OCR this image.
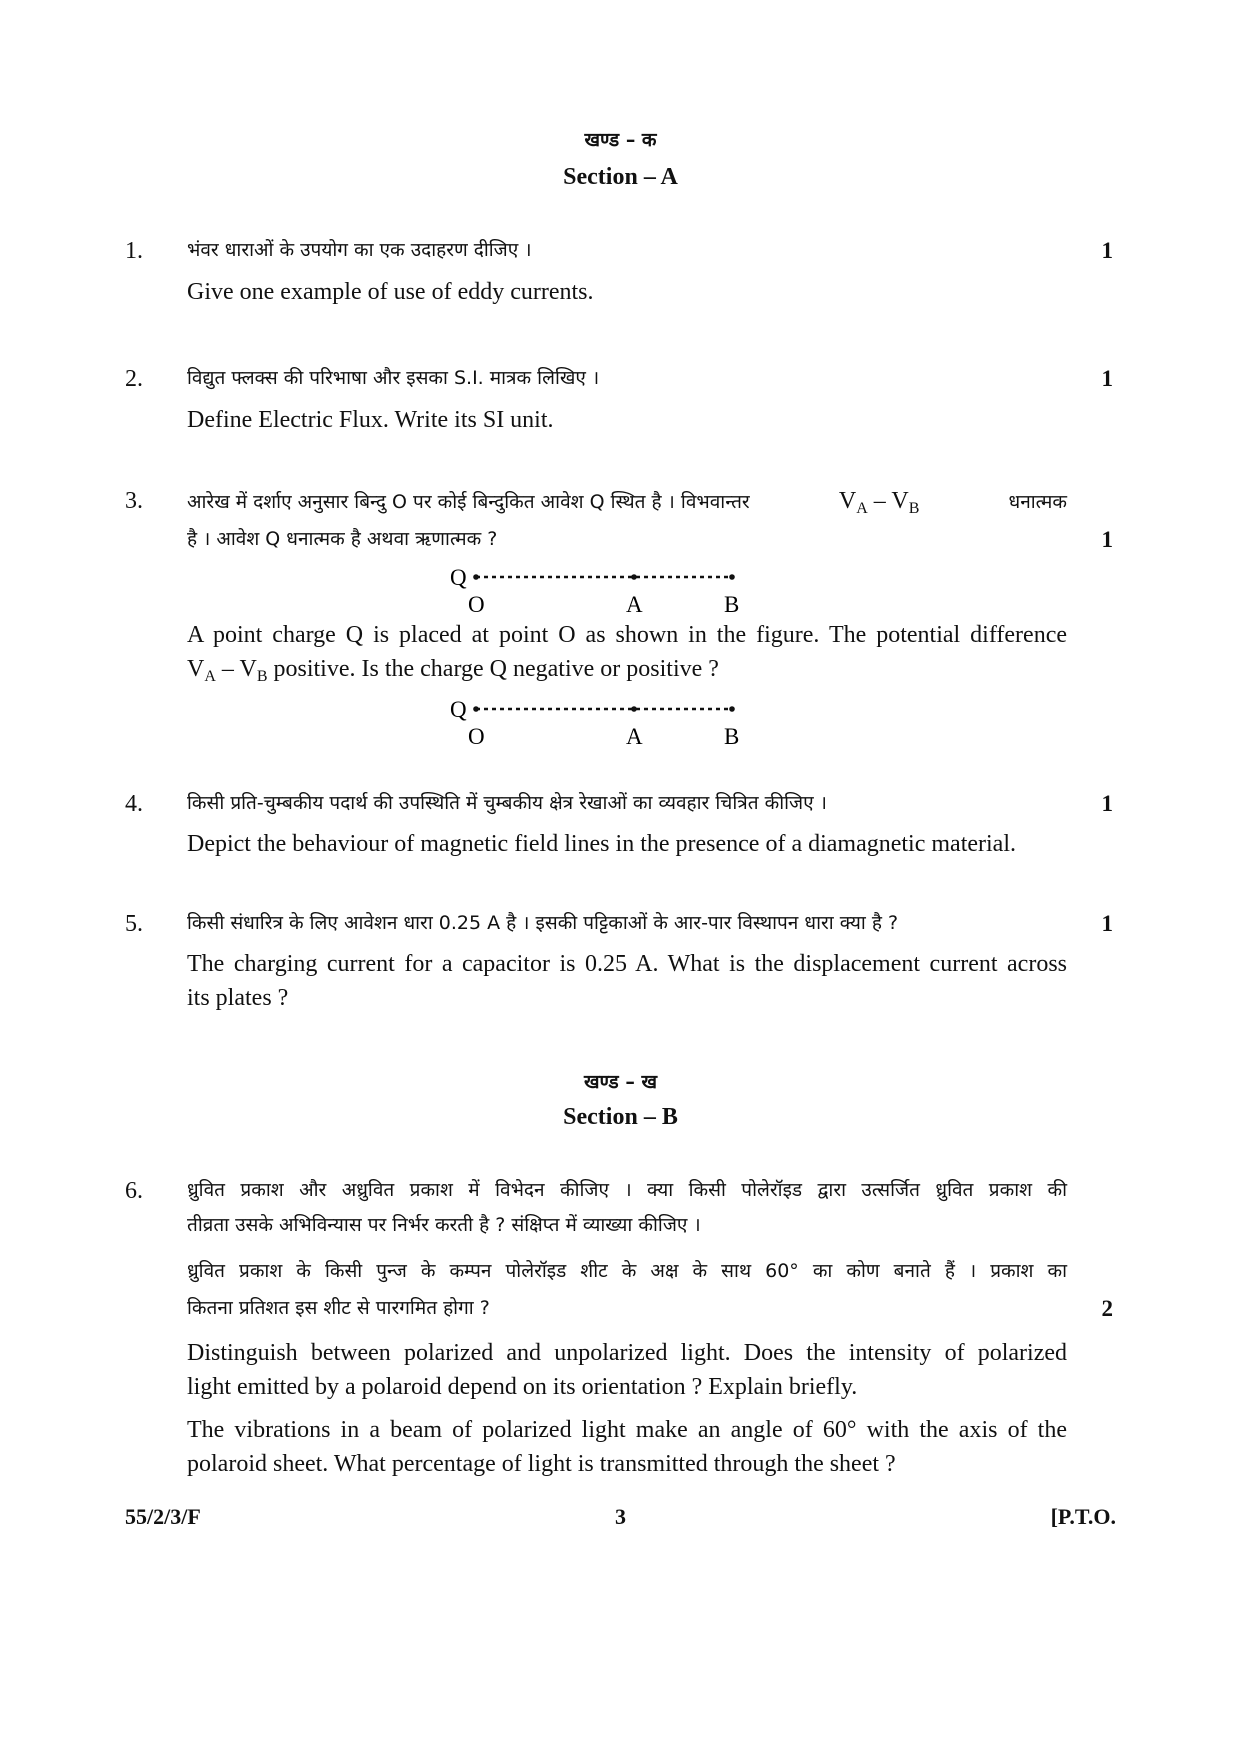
खण्ड – क
Section – A
1.	भंवर धाराओं के उपयोग का एक उदाहरण दीजिए ।	1
Give one example of use of eddy currents.
2.	विद्युत फ्लक्स की परिभाषा और इसका S.I. मात्रक लिखिए ।	1
Define Electric Flux. Write its SI unit.
3.	आरेख में दर्शाए अनुसार बिन्दु O पर कोई बिन्दुकित आवेश Q स्थित है । विभवान्तर	$V_A - V_B$	धनात्मक
है । आवेश Q धनात्मक है अथवा ऋणात्मक ?	1
Q
O	A	B
A point charge Q is placed at point O as shown in the figure. The potential difference
$V_A - V_B$ positive. Is the charge Q negative or positive ?
Q
O	A	B
4.	किसी प्रति-चुम्बकीय पदार्थ की उपस्थिति में चुम्बकीय क्षेत्र रेखाओं का व्यवहार चित्रित कीजिए ।	1
Depict the behaviour of magnetic field lines in the presence of a diamagnetic material.
5.	किसी संधारित्र के लिए आवेशन धारा 0.25 A है । इसकी पट्टिकाओं के आर-पार विस्थापन धारा क्या है ?	1
The charging current for a capacitor is 0.25 A. What is the displacement current across
its plates ?
खण्ड – ख
Section – B
6.	ध्रुवित प्रकाश और अध्रुवित प्रकाश में विभेदन कीजिए । क्या किसी पोलेरॉइड द्वारा उत्सर्जित ध्रुवित प्रकाश की
तीव्रता उसके अभिविन्यास पर निर्भर करती है ? संक्षिप्त में व्याख्या कीजिए ।
ध्रुवित प्रकाश के किसी पुन्ज के कम्पन पोलेरॉइड शीट के अक्ष के साथ 60° का कोण बनाते हैं । प्रकाश का
कितना प्रतिशत इस शीट से पारगमित होगा ?	2
Distinguish between polarized and unpolarized light. Does the intensity of polarized
light emitted by a polaroid depend on its orientation ? Explain briefly.
The vibrations in a beam of polarized light make an angle of 60° with the axis of the
polaroid sheet. What percentage of light is transmitted through the sheet ?
55/2/3/F	3	[P.T.O.
